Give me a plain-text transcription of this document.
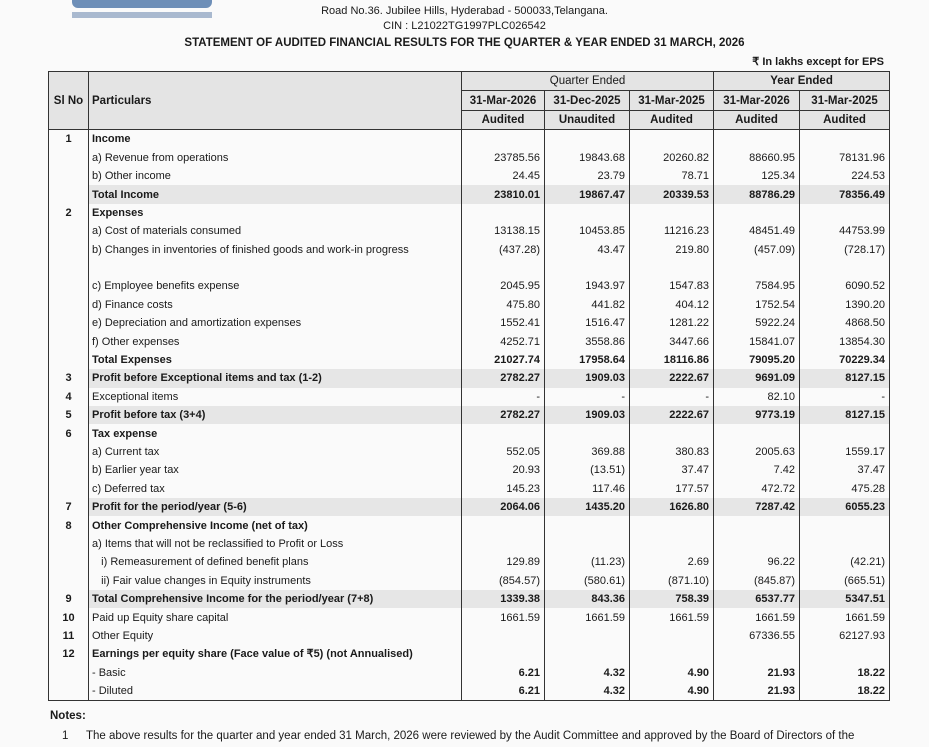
Road No.36. Jubilee Hills, Hyderabad - 500033,Telangana.
CIN : L21022TG1997PLC026542
STATEMENT OF AUDITED FINANCIAL RESULTS FOR THE QUARTER & YEAR ENDED 31 MARCH, 2026
₹ In lakhs except for EPS
Sl No	Particulars	Quarter Ended			Year Ended	
		31-Mar-2026	31-Dec-2025	31-Mar-2025	31-Mar-2026	31-Mar-2025
		Audited	Unaudited	Audited	Audited	Audited
1	Income					
	a) Revenue from operations	23785.56	19843.68	20260.82	88660.95	78131.96
	b) Other income	24.45	23.79	78.71	125.34	224.53
	Total Income	23810.01	19867.47	20339.53	88786.29	78356.49
2	Expenses					
	a) Cost of materials consumed	13138.15	10453.85	11216.23	48451.49	44753.99
	b) Changes in inventories of finished goods and work-in progress	(437.28)	43.47	219.80	(457.09)	(728.17)

	c) Employee benefits expense	2045.95	1943.97	1547.83	7584.95	6090.52
	d) Finance costs	475.80	441.82	404.12	1752.54	1390.20
	e) Depreciation and amortization expenses	1552.41	1516.47	1281.22	5922.24	4868.50
	f) Other expenses	4252.71	3558.86	3447.66	15841.07	13854.30
	Total Expenses	21027.74	17958.64	18116.86	79095.20	70229.34
3	Profit before Exceptional items and tax (1-2)	2782.27	1909.03	2222.67	9691.09	8127.15
4	Exceptional items	-	-	-	82.10	-
5	Profit before tax (3+4)	2782.27	1909.03	2222.67	9773.19	8127.15
6	Tax expense					
	a) Current tax	552.05	369.88	380.83	2005.63	1559.17
	b) Earlier year tax	20.93	(13.51)	37.47	7.42	37.47
	c) Deferred tax	145.23	117.46	177.57	472.72	475.28
7	Profit for the period/year (5-6)	2064.06	1435.20	1626.80	7287.42	6055.23
8	Other Comprehensive Income (net of tax)					
	a) Items that will not be reclassified to Profit or Loss					
	i) Remeasurement of defined benefit plans	129.89	(11.23)	2.69	96.22	(42.21)
	ii) Fair value changes in Equity instruments	(854.57)	(580.61)	(871.10)	(845.87)	(665.51)
9	Total Comprehensive Income for the period/year (7+8)	1339.38	843.36	758.39	6537.77	5347.51
10	Paid up Equity share capital	1661.59	1661.59	1661.59	1661.59	1661.59
11	Other Equity				67336.55	62127.93
12	Earnings per equity share (Face value of ₹5) (not Annualised)					
	- Basic	6.21	4.32	4.90	21.93	18.22
	- Diluted	6.21	4.32	4.90	21.93	18.22
Notes:
1 The above results for the quarter and year ended 31 March, 2026 were reviewed by the Audit Committee and approved by the Board of Directors of the
